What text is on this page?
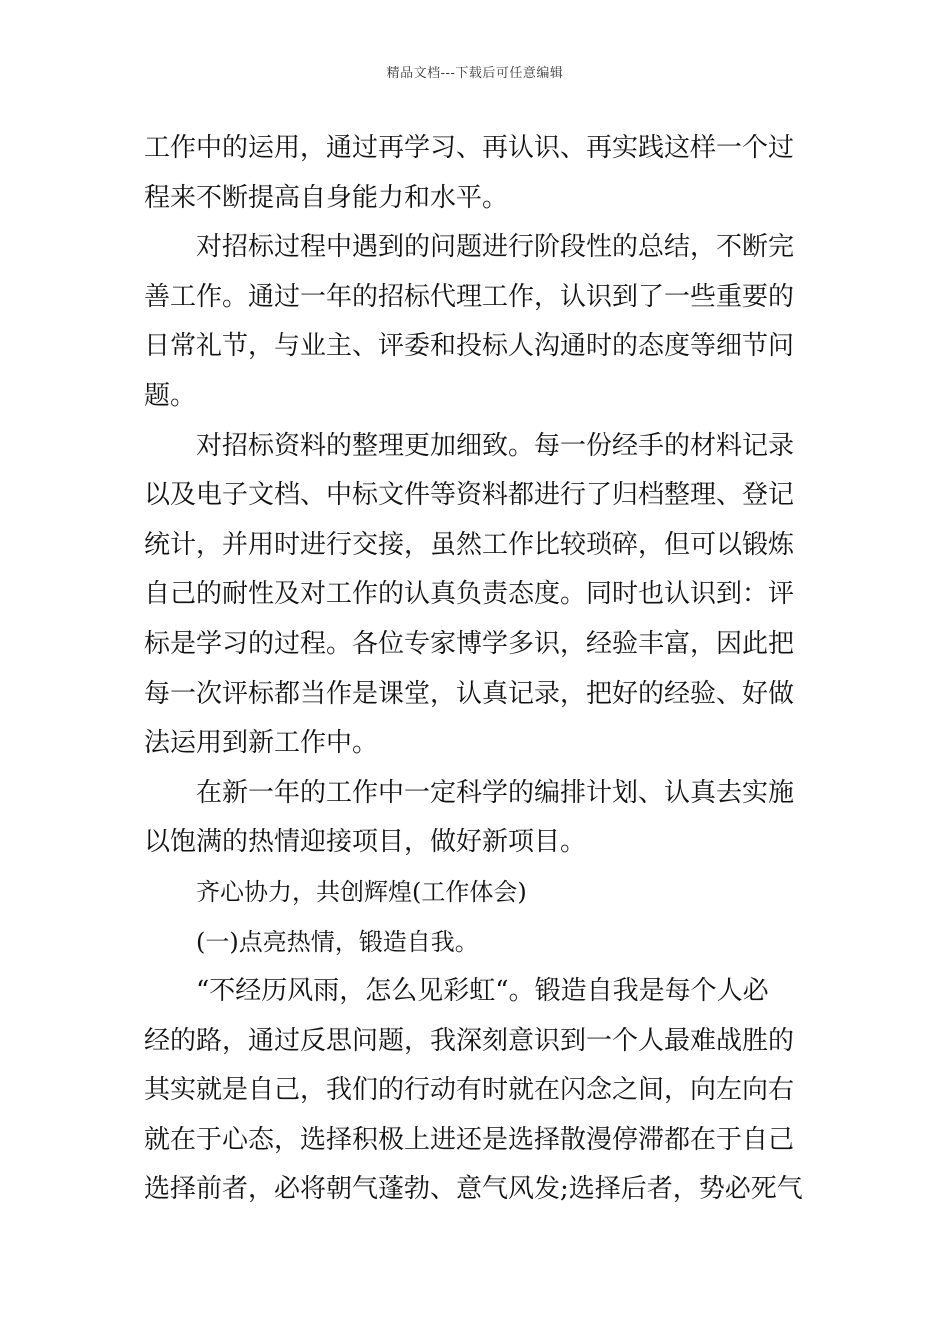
精品文档---下载后可任意编辑
工作中的运用，通过再学习、再认识、再实践这样一个过
程来不断提高自身能力和水平。
对招标过程中遇到的问题进行阶段性的总结，不断完
善工作。通过一年的招标代理工作，认识到了一些重要的
日常礼节，与业主、评委和投标人沟通时的态度等细节问
题。
对招标资料的整理更加细致。每一份经手的材料记录
以及电子文档、中标文件等资料都进行了归档整理、登记
统计，并用时进行交接，虽然工作比较琐碎，但可以锻炼
自己的耐性及对工作的认真负责态度。同时也认识到：评
标是学习的过程。各位专家博学多识，经验丰富，因此把
每一次评标都当作是课堂，认真记录，把好的经验、好做
法运用到新工作中。
在新一年的工作中一定科学的编排计划、认真去实施
以饱满的热情迎接项目，做好新项目。
齐心协力，共创辉煌(工作体会)
(一)点亮热情，锻造自我。
“不经历风雨，怎么见彩虹“。锻造自我是每个人必
经的路，通过反思问题，我深刻意识到一个人最难战胜的
其实就是自己，我们的行动有时就在闪念之间，向左向右
就在于心态，选择积极上进还是选择散漫停滞都在于自己
选择前者，必将朝气蓬勃、意气风发;选择后者，势必死气
